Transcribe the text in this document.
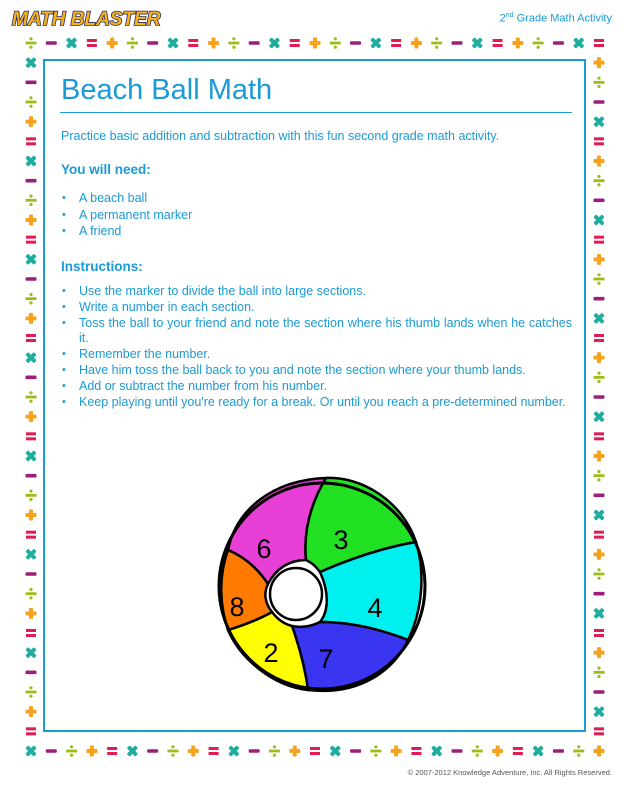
MATH BLASTER	2nd Grade Math Activity
Beach Ball Math

Practice basic addition and subtraction with this fun second grade math activity.

You will need:
• A beach ball
• A permanent marker
• A friend
Instructions:
• Use the marker to divide the ball into large sections.
• Write a number in each section.
• Toss the ball to your friend and note the section where his thumb lands when he catches it.
• Remember the number.
• Have him toss the ball back to you and note the section where your thumb lands.
• Add or subtract the number from his number.
• Keep playing until you're ready for a break. Or until you reach a pre-determined number.
6 3
4
7
2
8
© 2007-2012 Knowledge Adventure, Inc. All Rights Reserved.
